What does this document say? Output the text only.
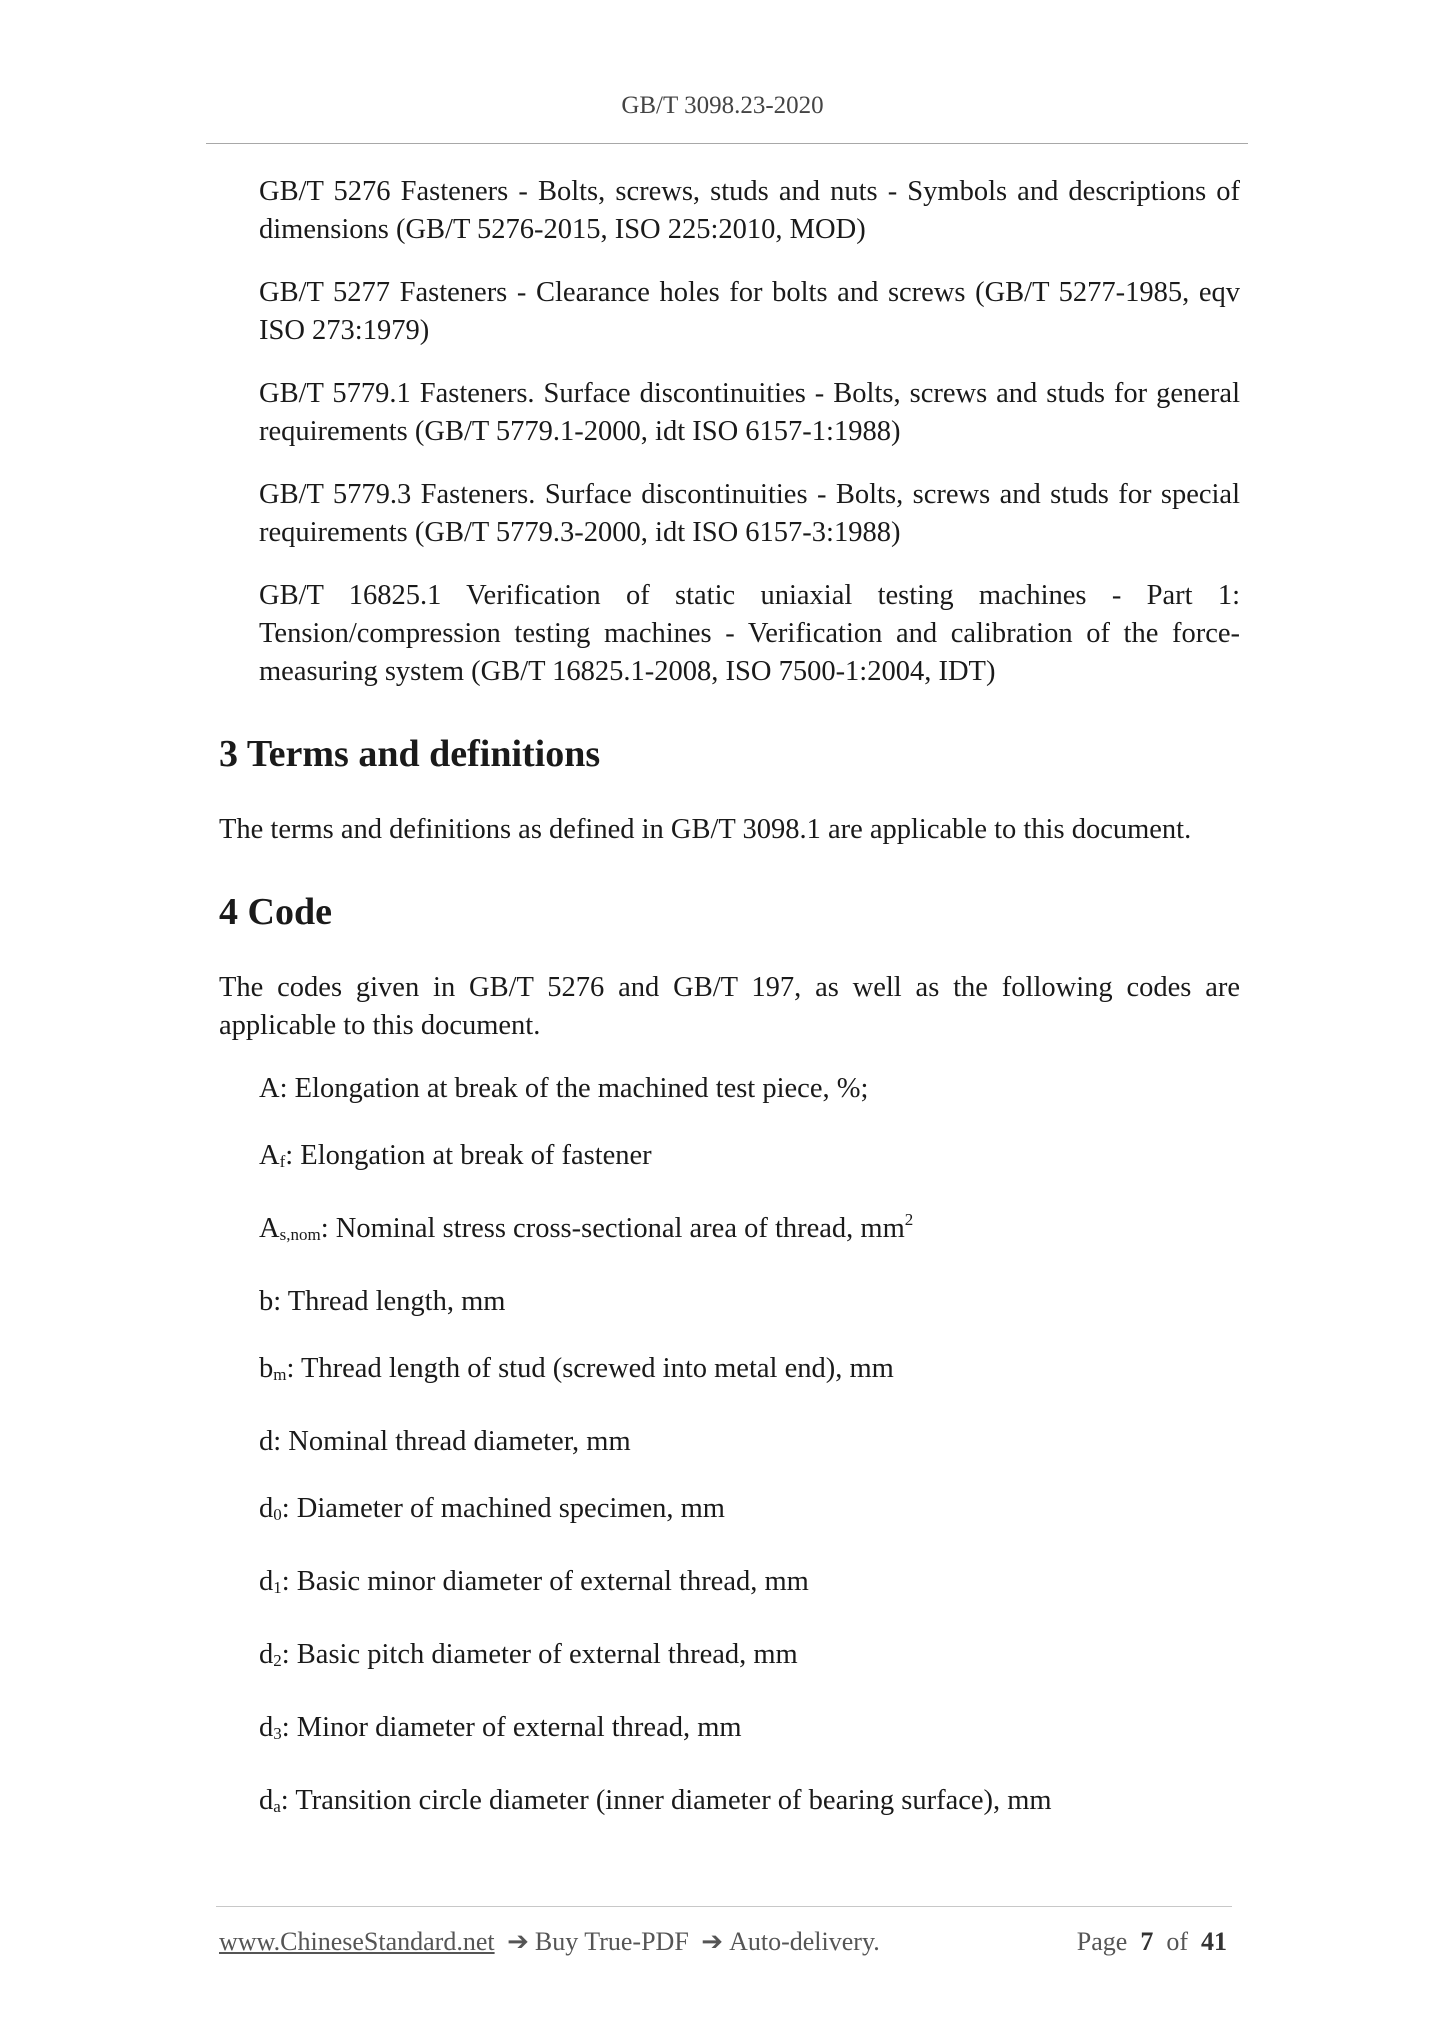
GB/T 3098.23-2020

GB/T 5276 Fasteners - Bolts, screws, studs and nuts - Symbols and descriptions of dimensions (GB/T 5276-2015, ISO 225:2010, MOD)

GB/T 5277 Fasteners - Clearance holes for bolts and screws (GB/T 5277-1985, eqv ISO 273:1979)

GB/T 5779.1 Fasteners. Surface discontinuities - Bolts, screws and studs for general requirements (GB/T 5779.1-2000, idt ISO 6157-1:1988)

GB/T 5779.3 Fasteners. Surface discontinuities - Bolts, screws and studs for special requirements (GB/T 5779.3-2000, idt ISO 6157-3:1988)

GB/T 16825.1 Verification of static uniaxial testing machines - Part 1: Tension/compression testing machines - Verification and calibration of the force-measuring system (GB/T 16825.1-2008, ISO 7500-1:2004, IDT)

3 Terms and definitions

The terms and definitions as defined in GB/T 3098.1 are applicable to this document.

4 Code

The codes given in GB/T 5276 and GB/T 197, as well as the following codes are applicable to this document.

A: Elongation at break of the machined test piece, %;

$A_f$: Elongation at break of fastener

$A_{s,nom}$: Nominal stress cross-sectional area of thread, $mm^2$

b: Thread length, mm

$b_m$: Thread length of stud (screwed into metal end), mm

d: Nominal thread diameter, mm

$d_0$: Diameter of machined specimen, mm

$d_1$: Basic minor diameter of external thread, mm

$d_2$: Basic pitch diameter of external thread, mm

$d_3$: Minor diameter of external thread, mm

$d_a$: Transition circle diameter (inner diameter of bearing surface), mm

www.ChineseStandard.net ➔ Buy True-PDF ➔ Auto-delivery.	Page 7 of 41
